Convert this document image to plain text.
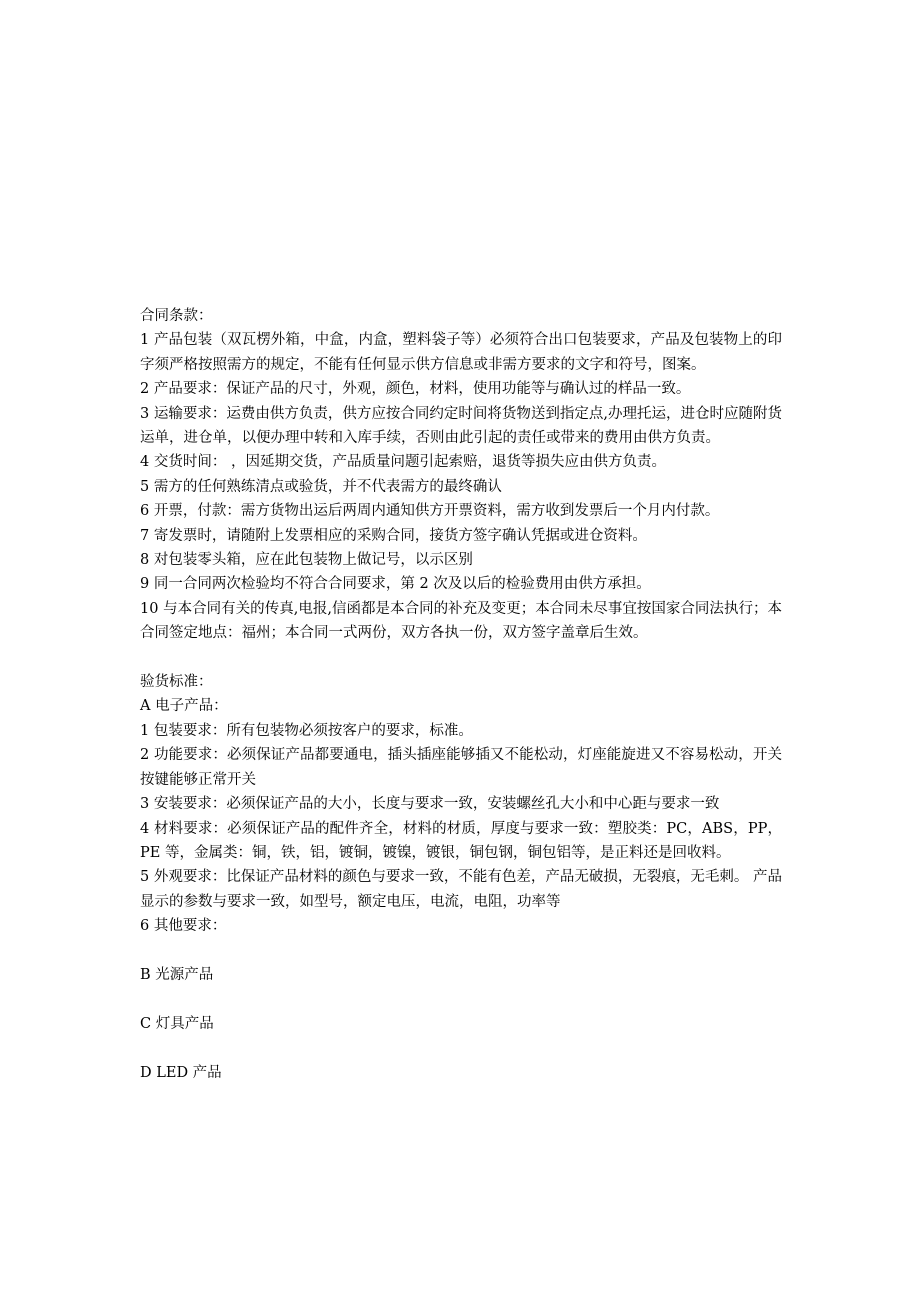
合同条款：

1 产品包装（双瓦楞外箱，中盒，内盒，塑料袋子等）必须符合出口包装要求，产品及包装物上的印字须严格按照需方的规定，不能有任何显示供方信息或非需方要求的文字和符号，图案。

2 产品要求：保证产品的尺寸，外观，颜色，材料，使用功能等与确认过的样品一致。

3 运输要求：运费由供方负责，供方应按合同约定时间将货物送到指定点,办理托运，进仓时应随附货运单，进仓单，以便办理中转和入库手续，否则由此引起的责任或带来的费用由供方负责。

4 交货时间： ，因延期交货，产品质量问题引起索赔，退货等损失应由供方负责。

5 需方的任何熟练清点或验货，并不代表需方的最终确认

6 开票，付款：需方货物出运后两周内通知供方开票资料，需方收到发票后一个月内付款。

7 寄发票时，请随附上发票相应的采购合同，接货方签字确认凭据或进仓资料。

8 对包装零头箱，应在此包装物上做记号，以示区别

9 同一合同两次检验均不符合合同要求，第 2 次及以后的检验费用由供方承担。

10 与本合同有关的传真,电报,信函都是本合同的补充及变更；本合同未尽事宜按国家合同法执行；本合同签定地点：福州；本合同一式两份，双方各执一份，双方签字盖章后生效。

验货标准：

A 电子产品：

1 包装要求：所有包装物必须按客户的要求，标准。

2 功能要求：必须保证产品都要通电，插头插座能够插又不能松动，灯座能旋进又不容易松动，开关按键能够正常开关

3 安装要求：必须保证产品的大小，长度与要求一致，安装螺丝孔大小和中心距与要求一致

4 材料要求：必须保证产品的配件齐全，材料的材质，厚度与要求一致：塑胶类：PC，ABS，PP，PE 等，金属类：铜，铁，铝，镀铜，镀镍，镀银，铜包钢，铜包铝等，是正料还是回收料。

5 外观要求：比保证产品材料的颜色与要求一致，不能有色差，产品无破损，无裂痕，无毛刺。 产品显示的参数与要求一致，如型号，额定电压，电流，电阻，功率等

6 其他要求：

B 光源产品

C 灯具产品

D LED 产品
